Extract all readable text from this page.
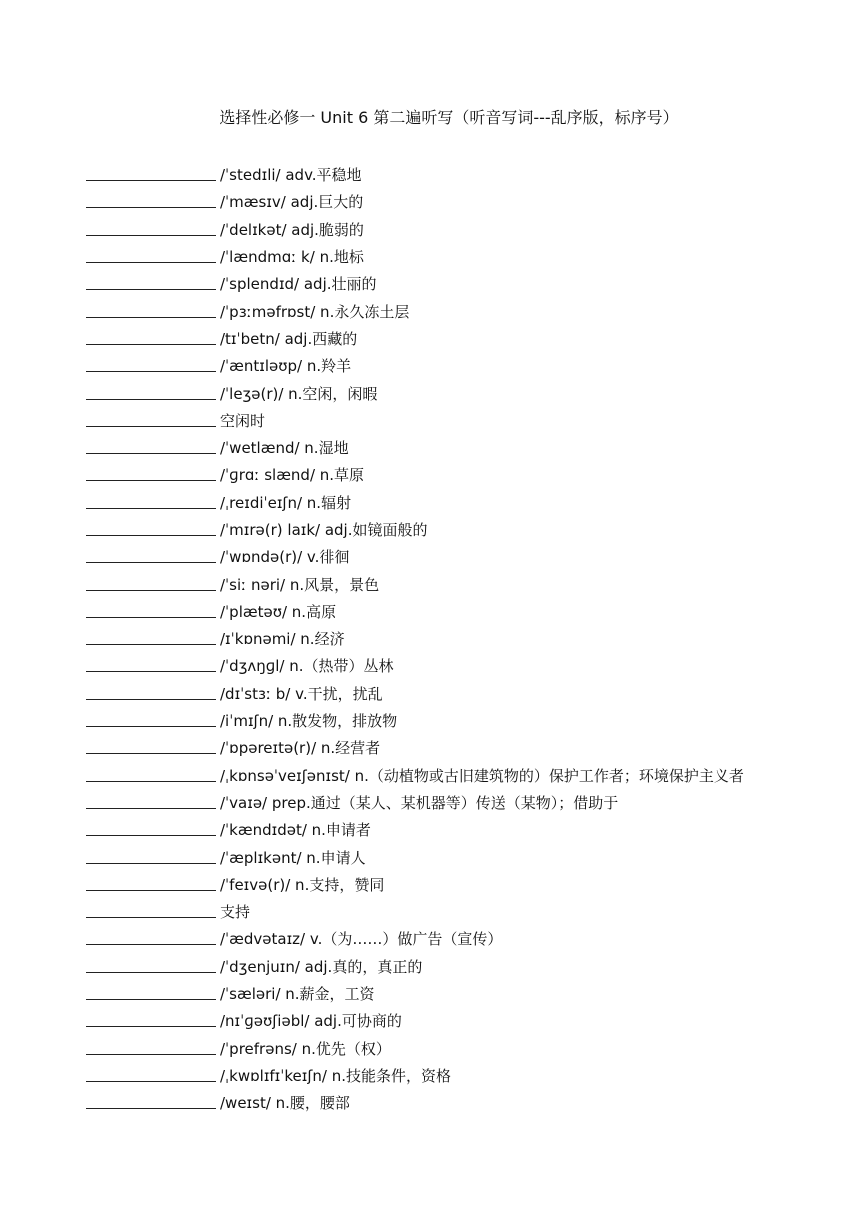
选择性必修一 Unit 6 第二遍听写（听音写词---乱序版，标序号）
/ˈstedɪli/ adv.平稳地
/ˈmæsɪv/ adj.巨大的
/ˈdelɪkət/ adj.脆弱的
/ˈlændmɑː k/ n.地标
/ˈsplendɪd/ adj.壮丽的
/ˈpɜːməfrɒst/ n.永久冻土层
/tɪˈbetn/ adj.西藏的
/ˈæntɪləʊp/ n.羚羊
/ˈleʒə(r)/ n.空闲，闲暇
空闲时
/ˈwetlænd/ n.湿地
/ˈɡrɑː slænd/ n.草原
/ˌreɪdiˈeɪʃn/ n.辐射
/ˈmɪrə(r) laɪk/ adj.如镜面般的
/ˈwɒndə(r)/ v.徘徊
/ˈsiː nəri/ n.风景，景色
/ˈplætəʊ/ n.高原
/ɪˈkɒnəmi/ n.经济
/ˈdʒʌŋɡl/ n.（热带）丛林
/dɪˈstɜː b/ v.干扰，扰乱
/iˈmɪʃn/ n.散发物，排放物
/ˈɒpəreɪtə(r)/ n.经营者
/ˌkɒnsəˈveɪʃənɪst/ n.（动植物或古旧建筑物的）保护工作者；环境保护主义者
/ˈvaɪə/ prep.通过（某人、某机器等）传送（某物）；借助于
/ˈkændɪdət/ n.申请者
/ˈæplɪkənt/ n.申请人
/ˈfeɪvə(r)/ n.支持，赞同
支持
/ˈædvətaɪz/ v.（为……）做广告（宣传）
/ˈdʒenjuɪn/ adj.真的，真正的
/ˈsæləri/ n.薪金，工资
/nɪˈɡəʊʃiəbl/ adj.可协商的
/ˈprefrəns/ n.优先（权）
/ˌkwɒlɪfɪˈkeɪʃn/ n.技能条件，资格
/weɪst/ n.腰，腰部
